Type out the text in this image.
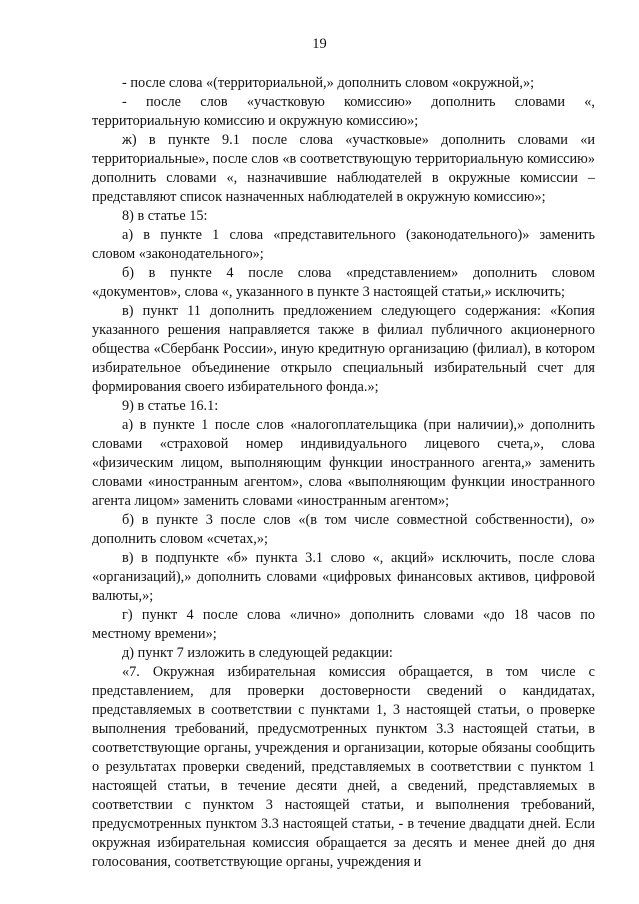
19

- после слова «(территориальной,» дополнить словом «окружной,»;

- после слов «участковую комиссию» дополнить словами «, территориальную комиссию и окружную комиссию»;

ж) в пункте 9.1 после слова «участковые» дополнить словами «и территориальные», после слов «в соответствующую территориальную комиссию» дополнить словами «, назначившие наблюдателей в окружные комиссии – представляют список назначенных наблюдателей в окружную комиссию»;

8) в статье 15:

а) в пункте 1 слова «представительного (законодательного)» заменить словом «законодательного»;

б) в пункте 4 после слова «представлением» дополнить словом «документов», слова «, указанного в пункте 3 настоящей статьи,» исключить;

в) пункт 11 дополнить предложением следующего содержания: «Копия указанного решения направляется также в филиал публичного акционерного общества «Сбербанк России», иную кредитную организацию (филиал), в котором избирательное объединение открыло специальный избирательный счет для формирования своего избирательного фонда.»;

9) в статье 16.1:

а) в пункте 1 после слов «налогоплательщика (при наличии),» дополнить словами «страховой номер индивидуального лицевого счета,», слова «физическим лицом, выполняющим функции иностранного агента,» заменить словами «иностранным агентом», слова «выполняющим функции иностранного агента лицом» заменить словами «иностранным агентом»;

б) в пункте 3 после слов «(в том числе совместной собственности), о» дополнить словом «счетах,»;

в) в подпункте «б» пункта 3.1 слово «, акций» исключить, после слова «организаций),» дополнить словами «цифровых финансовых активов, цифровой валюты,»;

г) пункт 4 после слова «лично» дополнить словами «до 18 часов по местному времени»;

д) пункт 7 изложить в следующей редакции:

«7. Окружная избирательная комиссия обращается, в том числе с представлением, для проверки достоверности сведений о кандидатах, представляемых в соответствии с пунктами 1, 3 настоящей статьи, о проверке выполнения требований, предусмотренных пунктом 3.3 настоящей статьи, в соответствующие органы, учреждения и организации, которые обязаны сообщить о результатах проверки сведений, представляемых в соответствии с пунктом 1 настоящей статьи, в течение десяти дней, а сведений, представляемых в соответствии с пунктом 3 настоящей статьи, и выполнения требований, предусмотренных пунктом 3.3 настоящей статьи, - в течение двадцати дней. Если окружная избирательная комиссия обращается за десять и менее дней до дня голосования, соответствующие органы, учреждения и
